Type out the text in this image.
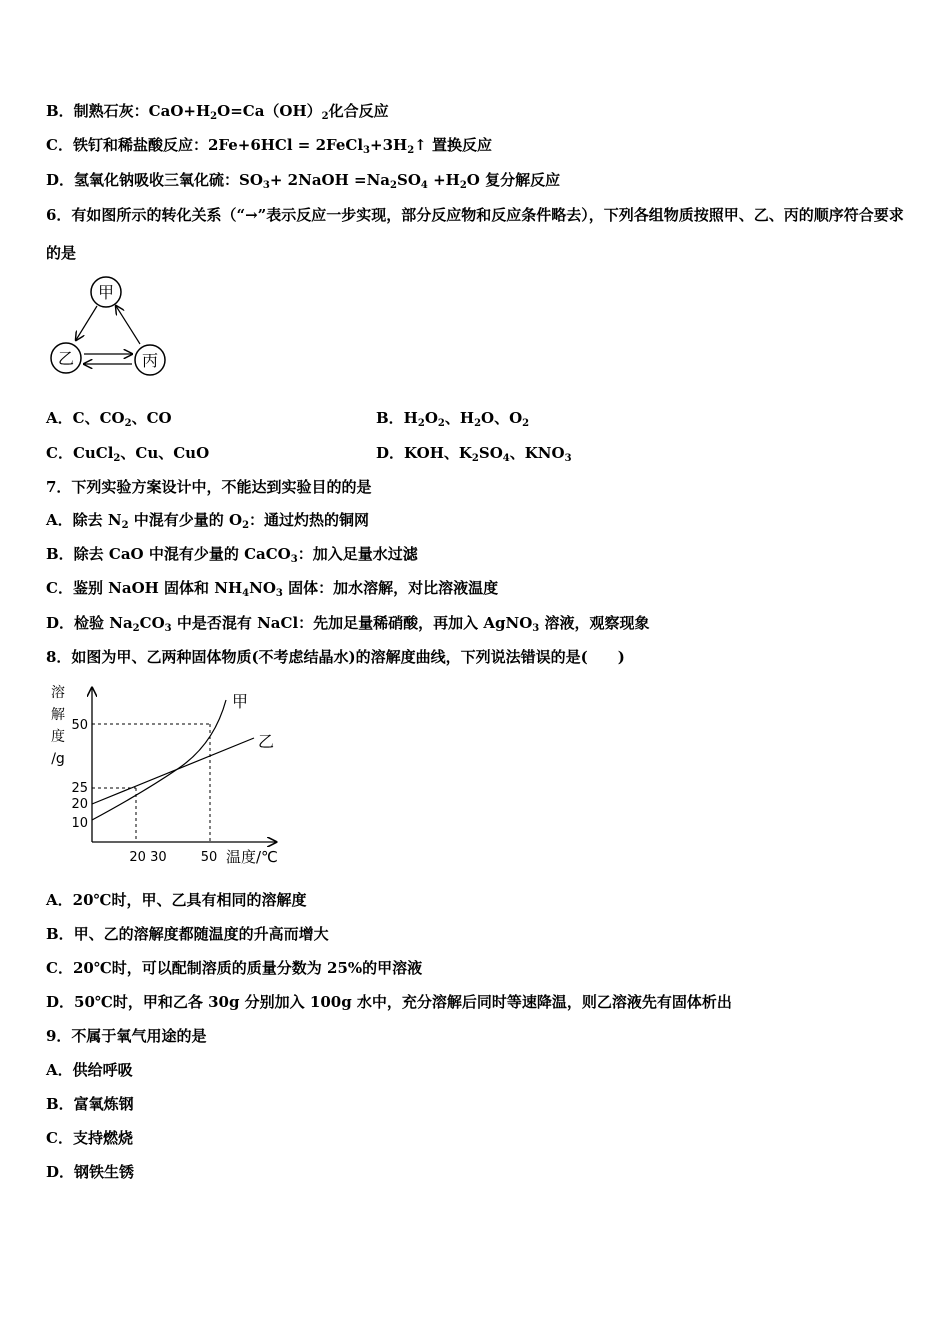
B．制熟石灰：$CaO+H_2O=Ca(OH)_2$化合反应
C．铁钉和稀盐酸反应：$2Fe+6HCl = 2FeCl_3+3H_2↑$ 置换反应
D．氢氧化钠吸收三氧化硫：$SO_3+$ 2NaOH $=Na_2SO_4 +H_2O$ 复分解反应
6．有如图所示的转化关系（“→”表示反应一步实现，部分反应物和反应条件略去），下列各组物质按照甲、乙、丙的顺序符合要求的是
甲
乙	丙
A．C、$CO_2$、CO	B．$H_2O_2$、$H_2O$、$O_2$
C．CuCl$_2$、Cu、CuO	D．KOH、$K_2SO_4$、$KNO_3$
7．下列实验方案设计中，不能达到实验目的的是
A．除去 $N_2$ 中混有少量的 $O_2$：通过灼热的铜网
B．除去 CaO 中混有少量的 CaCO$_3$：加入足量水过滤
C．鉴别 NaOH 固体和 $NH_4NO_3$ 固体：加水溶解，对比溶液温度
D．检验 $Na_2CO_3$ 中是否混有 NaCl：先加足量稀硝酸，再加入 AgNO$_3$ 溶液，观察现象
8．如图为甲、乙两种固体物质(不考虑结晶水)的溶解度曲线，下列说法错误的是(　　)
溶
解
度
/g
50
25
20
10
20 30	50 温度/℃
甲
乙
A．20℃时，甲、乙具有相同的溶解度
B．甲、乙的溶解度都随温度的升高而增大
C．20℃时，可以配制溶质的质量分数为 25%的甲溶液
D．50℃时，甲和乙各 30g 分别加入 100g 水中，充分溶解后同时等速降温，则乙溶液先有固体析出
9．不属于氧气用途的是
A．供给呼吸
B．富氧炼钢
C．支持燃烧
D．钢铁生锈
